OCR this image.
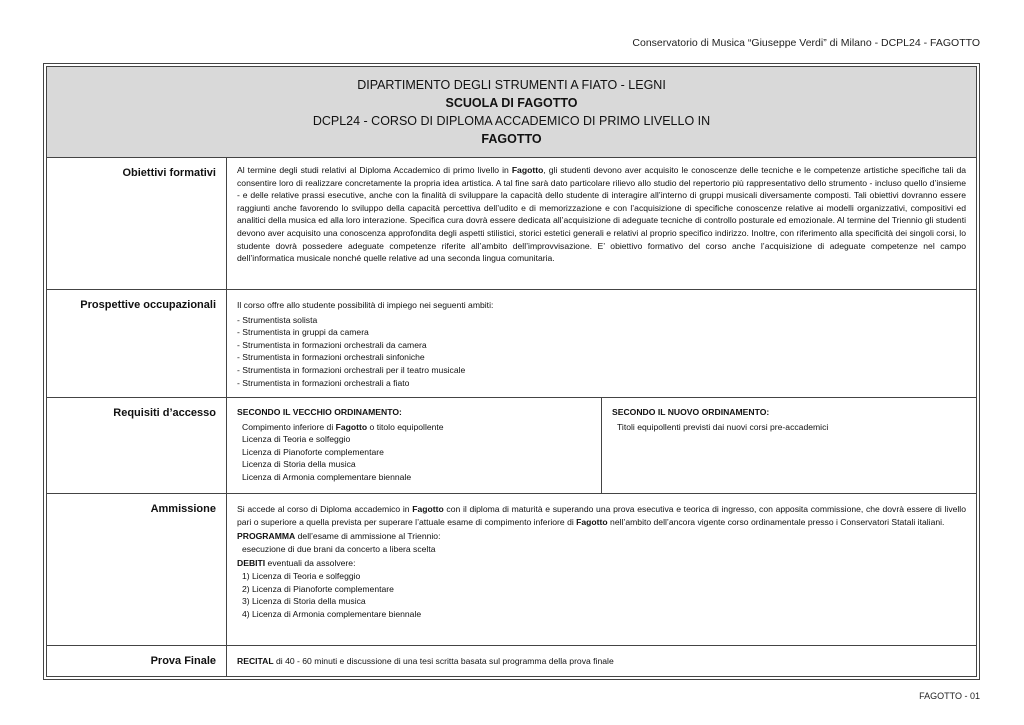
Conservatorio di Musica “Giuseppe Verdi” di Milano - DCPL24 - FAGOTTO
DIPARTIMENTO DEGLI STRUMENTI A FIATO - LEGNI
SCUOLA DI FAGOTTO
DCPL24 - CORSO DI DIPLOMA ACCADEMICO DI PRIMO LIVELLO IN
FAGOTTO
Obiettivi formativi	Al termine degli studi relativi al Diploma Accademico di primo livello in Fagotto, gli studenti devono aver acquisito le conoscenze delle tecniche e le competenze artistiche specifiche tali da consentire loro di realizzare concretamente la propria idea artistica. A tal fine sarà dato particolare rilievo allo studio del repertorio più rappresentativo dello strumento - incluso quello d’insieme - e delle relative prassi esecutive, anche con la finalità di sviluppare la capacità dello studente di interagire all’interno di gruppi musicali diversamente composti. Tali obiettivi dovranno essere raggiunti anche favorendo lo sviluppo della capacità percettiva dell’udito e di memorizzazione e con l’acquisizione di specifiche conoscenze relative ai modelli organizzativi, compositivi ed analitici della musica ed alla loro interazione. Specifica cura dovrà essere dedicata all’acquisizione di adeguate tecniche di controllo posturale ed emozionale. Al termine del Triennio gli studenti devono aver acquisito una conoscenza approfondita degli aspetti stilistici, storici estetici generali e relativi al proprio specifico indirizzo. Inoltre, con riferimento alla specificità dei singoli corsi, lo studente dovrà possedere adeguate competenze riferite all’ambito dell’improvvisazione. E’ obiettivo formativo del corso anche l’acquisizione di adeguate competenze nel campo dell’informatica musicale nonché quelle relative ad una seconda lingua comunitaria.
Prospettive occupazionali	Il corso offre allo studente possibilità di impiego nei seguenti ambiti:
- Strumentista solista
- Strumentista in gruppi da camera
- Strumentista in formazioni orchestrali da camera
- Strumentista in formazioni orchestrali sinfoniche
- Strumentista in formazioni orchestrali per il teatro musicale
- Strumentista in formazioni orchestrali a fiato
Requisiti d’accesso	SECONDO IL VECCHIO ORDINAMENTO:
Compimento inferiore di Fagotto o titolo equipollente
Licenza di Teoria e solfeggio
Licenza di Pianoforte complementare
Licenza di Storia della musica
Licenza di Armonia complementare biennale
SECONDO IL NUOVO ORDINAMENTO:
Titoli equipollenti previsti dai nuovi corsi pre-accademici
Ammissione	Si accede al corso di Diploma accademico in Fagotto con il diploma di maturità e superando una prova esecutiva e teorica di ingresso, con apposita commissione, che dovrà essere di livello pari o superiore a quella prevista per superare l’attuale esame di compimento inferiore di Fagotto nell’ambito dell’ancora vigente corso ordinamentale presso i Conservatori Statali italiani.
PROGRAMMA dell’esame di ammissione al Triennio:
esecuzione di due brani da concerto a libera scelta
DEBITI eventuali da assolvere:
1) Licenza di Teoria e solfeggio
2) Licenza di Pianoforte complementare
3) Licenza di Storia della musica
4) Licenza di Armonia complementare biennale
Prova Finale	RECITAL di 40 - 60 minuti e discussione di una tesi scritta basata sul programma della prova finale
FAGOTTO - 01
